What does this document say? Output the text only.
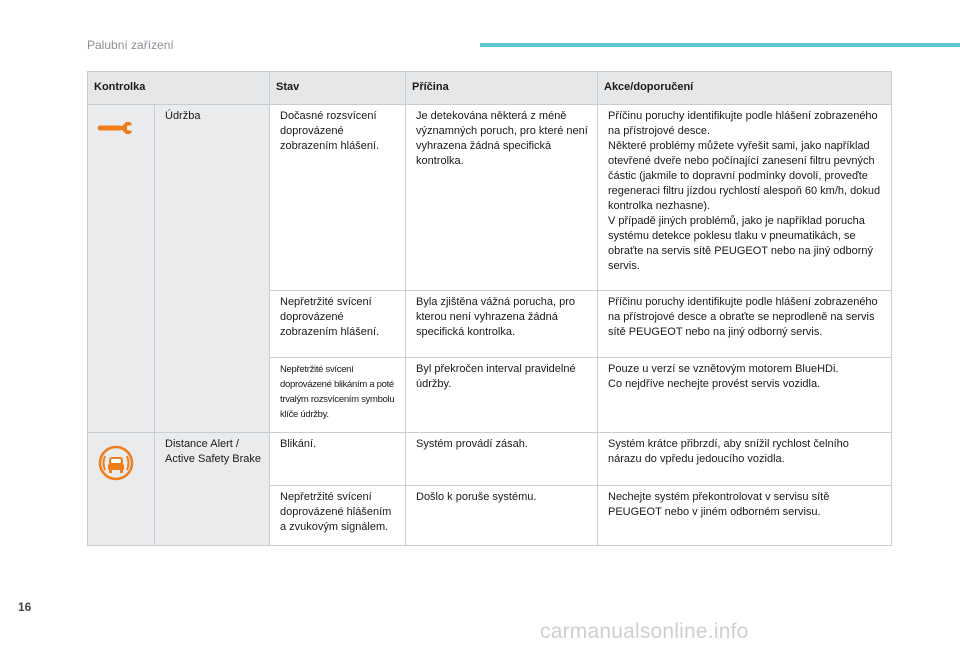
Palubní zařízení
Kontrolka		Stav	Příčina	Akce/doporučení
	Údržba	Dočasné rozsvícení doprovázené zobrazením hlášení.	Je detekována některá z méně významných poruch, pro které není vyhrazena žádná specifická kontrolka.	Příčinu poruchy identifikujte podle hlášení zobrazeného na přístrojové desce.
Některé problémy můžete vyřešit sami, jako například otevřené dveře nebo počínající zanesení filtru pevných částic (jakmile to dopravní podmínky dovolí, proveďte regeneraci filtru jízdou rychlostí alespoň 60 km/h, dokud kontrolka nezhasne).
V případě jiných problémů, jako je například porucha systému detekce poklesu tlaku v pneumatikách, se obraťte na servis sítě PEUGEOT nebo na jiný odborný servis.

		Nepřetržité svícení doprovázené zobrazením hlášení.	Byla zjištěna vážná porucha, pro kterou není vyhrazena žádná specifická kontrolka.	Příčinu poruchy identifikujte podle hlášení zobrazeného na přístrojové desce a obraťte se neprodleně na servis sítě PEUGEOT nebo na jiný odborný servis.

		Nepřetržité svícení doprovázené blikáním a poté trvalým rozsvícením symbolu klíče údržby.	Byl překročen interval pravidelné údržby.	Pouze u verzí se vznětovým motorem BlueHDi.
Co nejdříve nechejte provést servis vozidla.

	Distance Alert / Active Safety Brake	Blikání.	Systém provádí zásah.	Systém krátce přibrzdí, aby snížil rychlost čelního nárazu do vpředu jedoucího vozidla.

		Nepřetržité svícení doprovázené hlášením a zvukovým signálem.	Došlo k poruše systému.	Nechejte systém překontrolovat v servisu sítě PEUGEOT nebo v jiném odborném servisu.
16
carmanualsonline.info
